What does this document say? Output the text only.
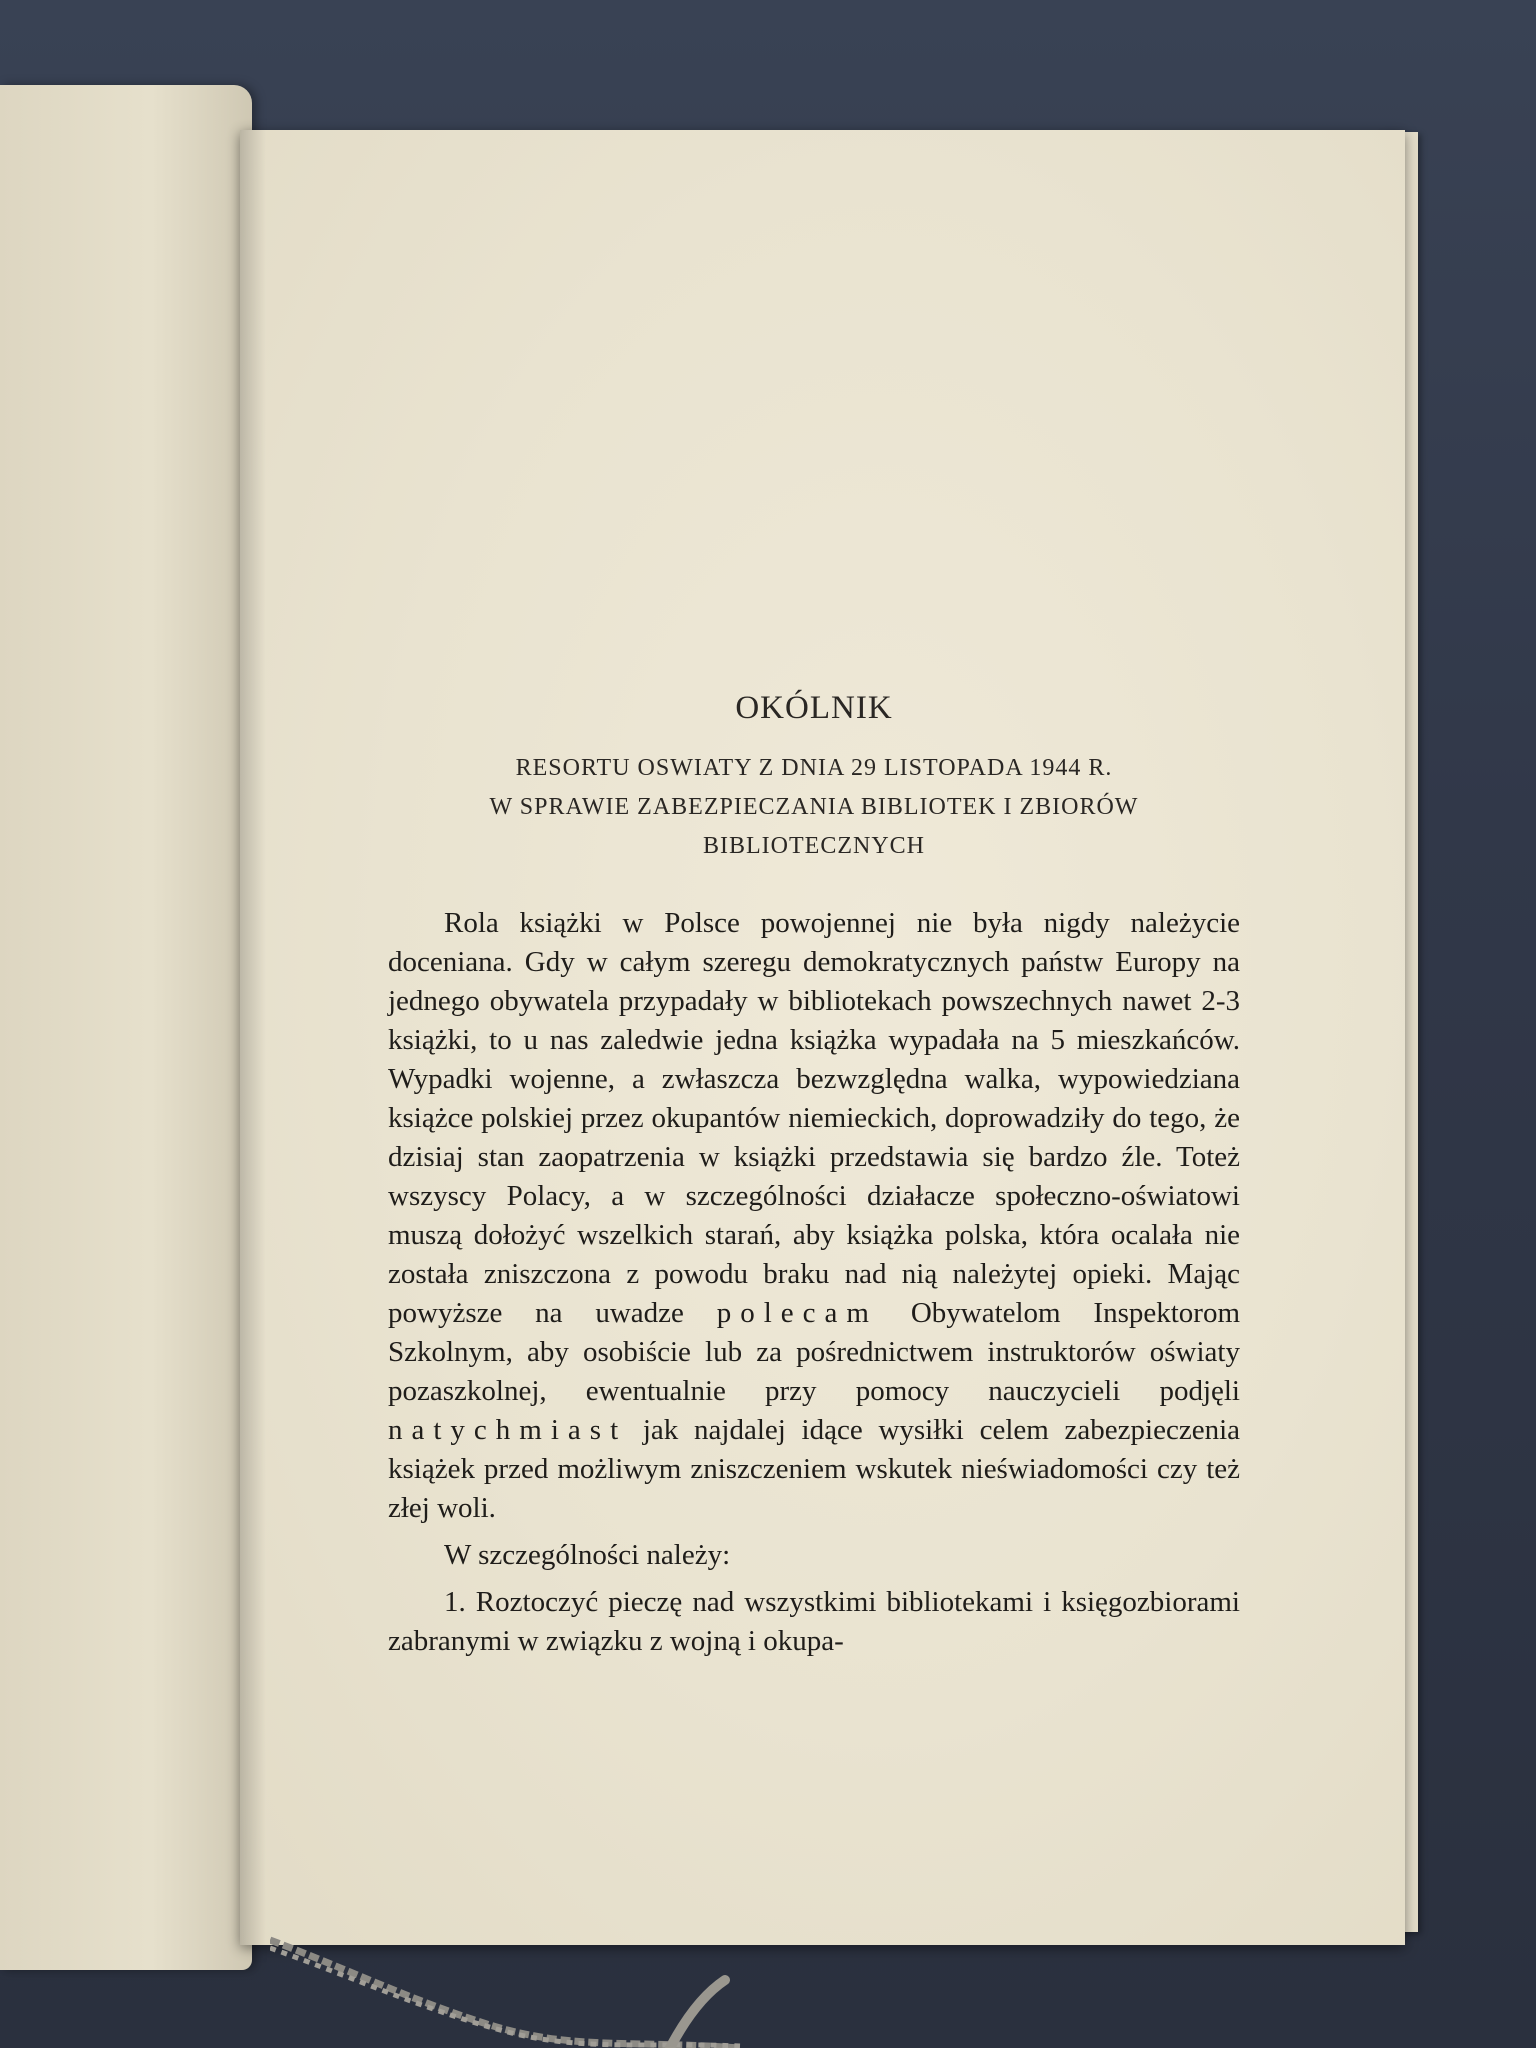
OKÓLNIK
RESORTU OSWIATY Z DNIA 29 LISTOPADA 1944 R.
W SPRAWIE ZABEZPIECZANIA BIBLIOTEK I ZBIORÓW
BIBLIOTECZNYCH

Rola książki w Polsce powojennej nie była nigdy należycie doceniana. Gdy w całym szeregu demokratycznych państw Europy na jednego obywatela przypadały w bibliotekach powszechnych nawet 2-3 książki, to u nas zaledwie jedna książka wypadała na 5 mieszkańców. Wypadki wojenne, a zwłaszcza bezwzględna walka, wypowiedziana książce polskiej przez okupantów niemieckich, doprowadziły do tego, że dzisiaj stan zaopatrzenia w książki przedstawia się bardzo źle. Toteż wszyscy Polacy, a w szczególności działacze społeczno-oświatowi muszą dołożyć wszelkich starań, aby książka polska, która ocalała nie została zniszczona z powodu braku nad nią należytej opieki. Mając powyższe na uwadze polecam Obywatelom Inspektorom Szkolnym, aby osobiście lub za pośrednictwem instruktorów oświaty pozaszkolnej, ewentualnie przy pomocy nauczycieli podjęli natychmiast jak najdalej idące wysiłki celem zabezpieczenia książek przed możliwym zniszczeniem wskutek nieświadomości czy też złej woli.

W szczególności należy:

1. Roztoczyć pieczę nad wszystkimi bibliotekami i księgozbiorami zabranymi w związku z wojną i okupa-
